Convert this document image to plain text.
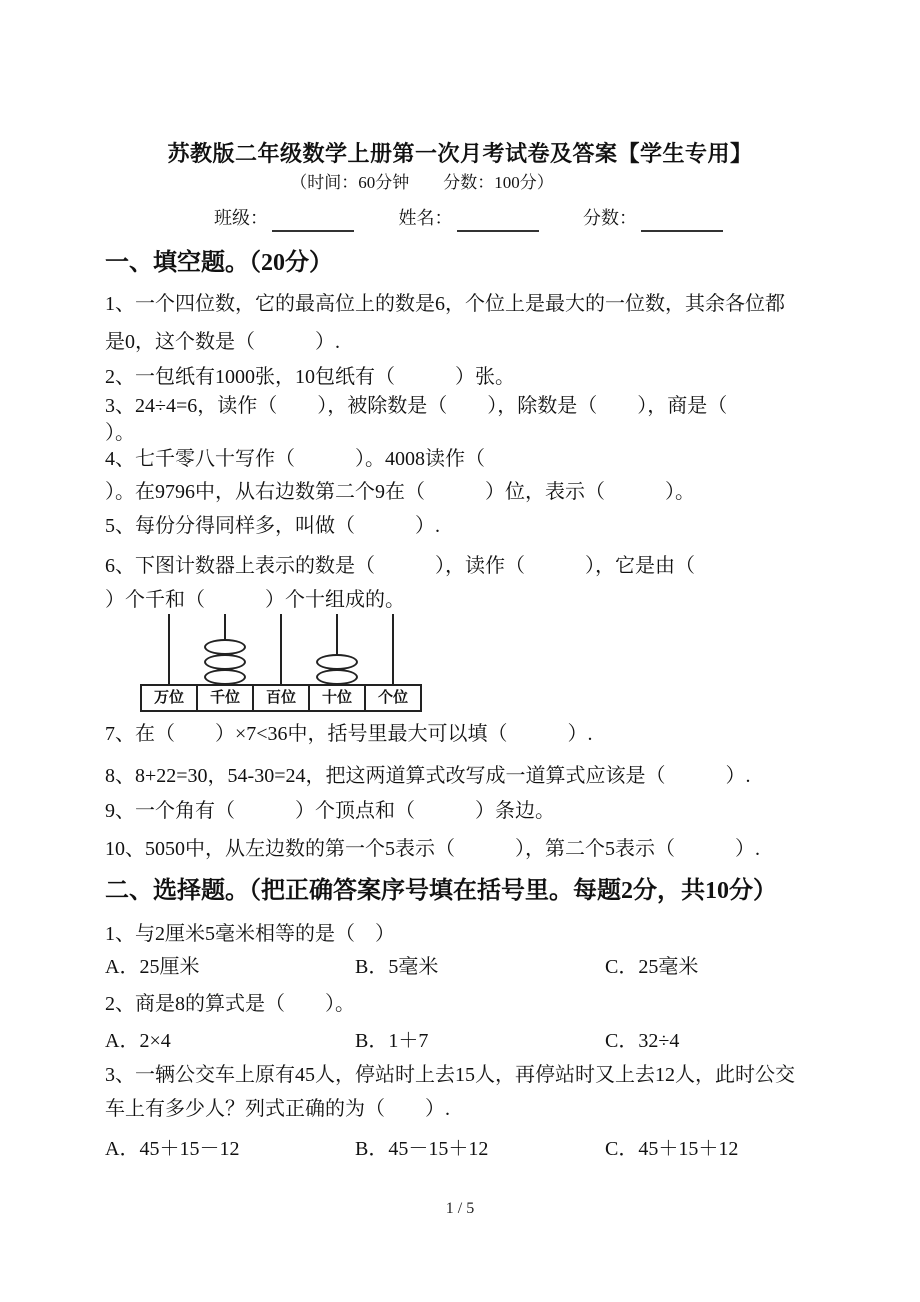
苏教版二年级数学上册第一次月考试卷及答案【学生专用】
（时间：60分钟　　分数：100分）
班级：	姓名：	分数：
一、填空题。（20分）
1、一个四位数，它的最高位上的数是6，个位上是最大的一位数，其余各位都
是0，这个数是（　　　）.
2、一包纸有1000张，10包纸有（　　　）张。
3、24÷4=6，读作（　　），被除数是（　　），除数是（　　），商是（
）。
4、七千零八十写作（　　　）。4008读作（
）。在9796中，从右边数第二个9在（　　　）位，表示（　　　）。
5、每份分得同样多，叫做（　　　）.
6、下图计数器上表示的数是（　　　），读作（　　　），它是由（
）个千和（　　　）个十组成的。
万位	千位	百位	十位	个位
7、在（　　）×7<36中，括号里最大可以填（　　　）.
8、8+22=30，54-30=24，把这两道算式改写成一道算式应该是（　　　）.
9、一个角有（　　　）个顶点和（　　　）条边。
10、5050中，从左边数的第一个5表示（　　　），第二个5表示（　　　）.
二、选择题。（把正确答案序号填在括号里。每题2分，共10分）
1、与2厘米5毫米相等的是（　）
A．25厘米	B．5毫米	C．25毫米
2、商是8的算式是（　　）。
A．2×4	B．1＋7	C．32÷4
3、一辆公交车上原有45人，停站时上去15人，再停站时又上去12人，此时公交
车上有多少人？列式正确的为（　　）.
A．45＋15－12	B．45－15＋12	C．45＋15＋12
1 / 5
